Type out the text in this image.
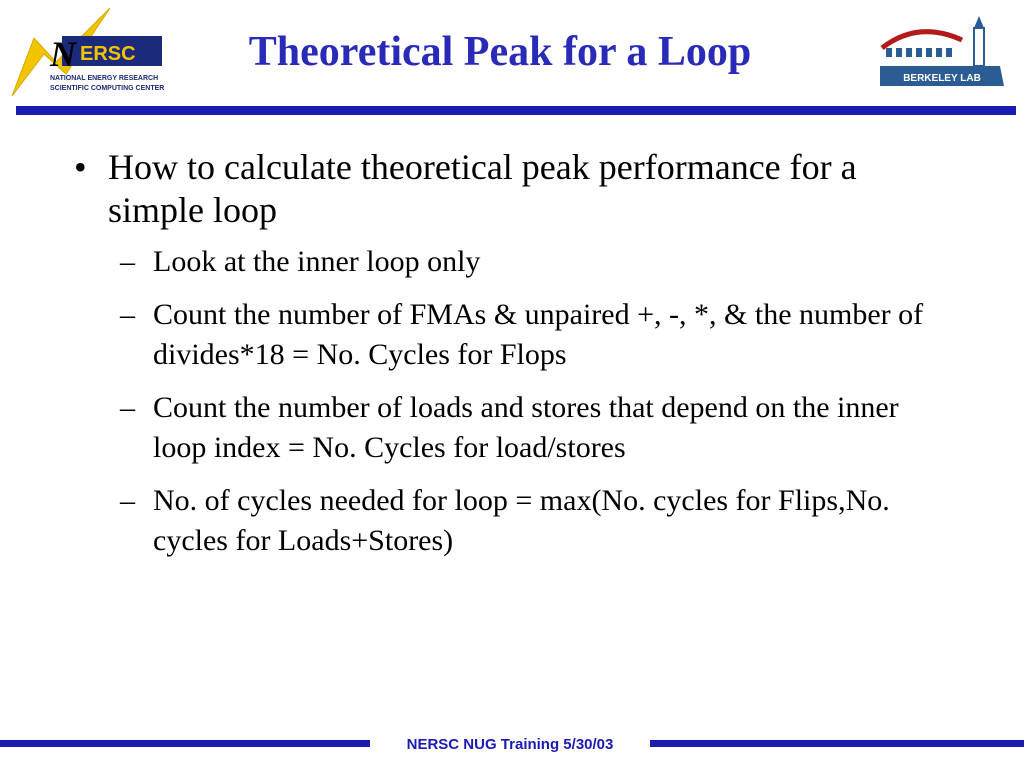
N ERSC
NATIONAL ENERGY RESEARCH
SCIENTIFIC COMPUTING CENTER
Theoretical Peak for a Loop
BERKELEY LAB
• How to calculate theoretical peak performance for a simple loop
– Look at the inner loop only
– Count the number of FMAs & unpaired +, -, *, & the number of divides*18 = No. Cycles for Flops
– Count the number of loads and stores that depend on the inner loop index = No. Cycles for load/stores
– No. of cycles needed for loop = max(No. cycles for Flips,No. cycles for Loads+Stores)
NERSC NUG Training 5/30/03
